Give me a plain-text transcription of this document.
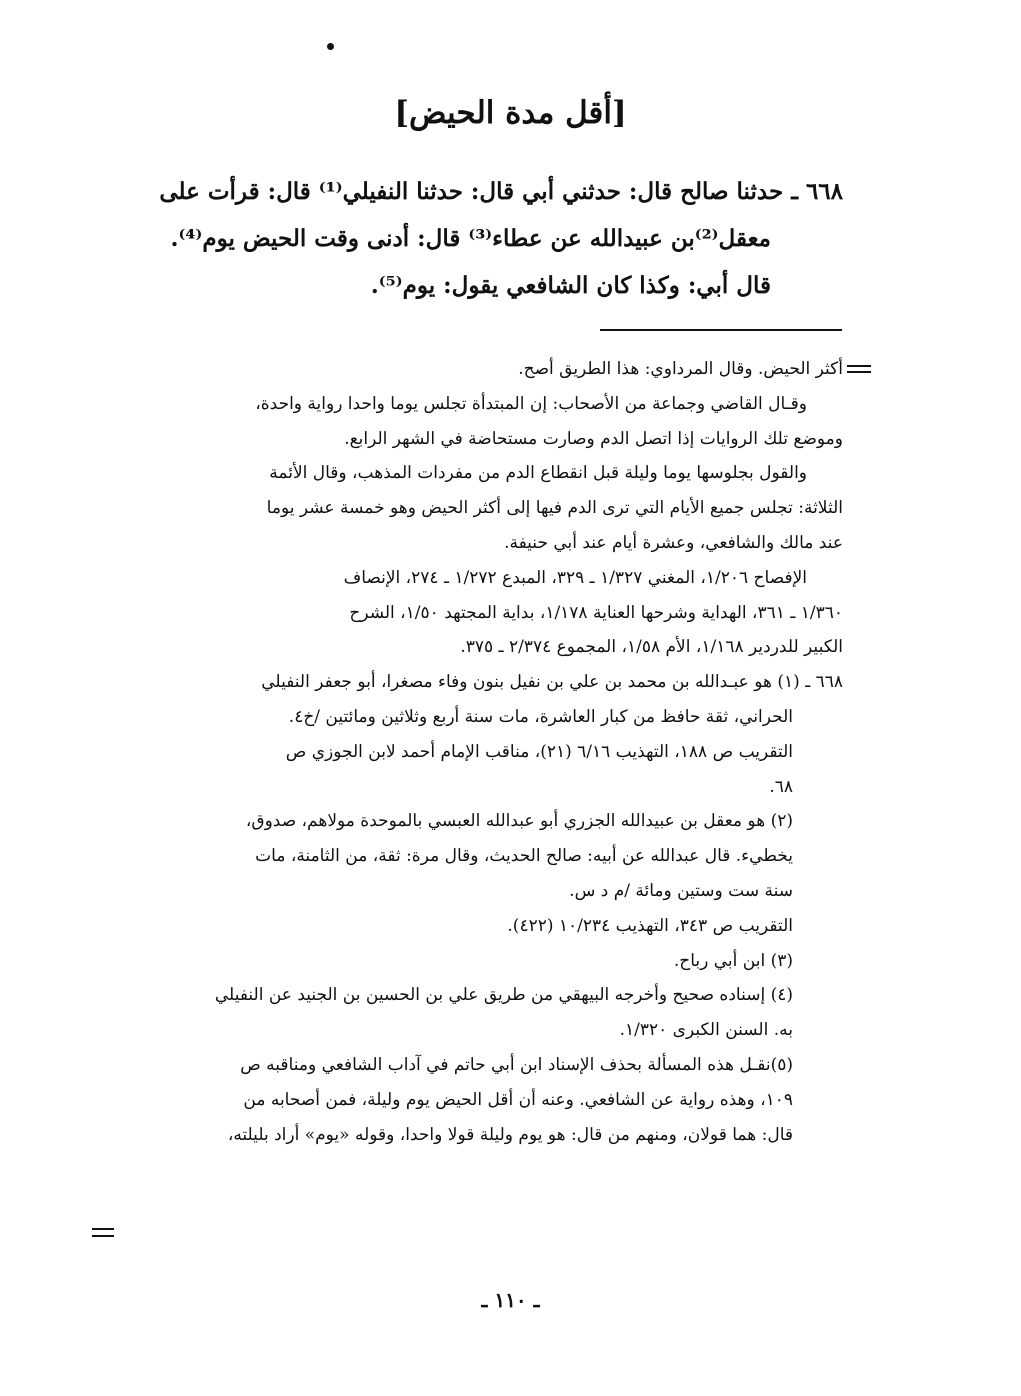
[أقل مدة الحيض]
٦٦٨ ـ حدثنا صالح قال: حدثني أبي قال: حدثنا النفيلي⁽¹⁾ قال: قرأت على
معقل⁽²⁾بن عبيدالله عن عطاء⁽³⁾ قال: أدنى وقت الحيض يوم⁽⁴⁾.
قال أبي: وكذا كان الشافعي يقول: يوم⁽⁵⁾.
أكثر الحيض. وقال المرداوي: هذا الطريق أصح.
وقـال القاضي وجماعة من الأصحاب: إن المبتدأة تجلس يوما واحدا رواية واحدة،
وموضع تلك الروايات إذا اتصل الدم وصارت مستحاضة في الشهر الرابع.
والقول بجلوسها يوما وليلة قبل انقطاع الدم من مفردات المذهب، وقال الأئمة
الثلاثة: تجلس جميع الأيام التي ترى الدم فيها إلى أكثر الحيض وهو خمسة عشر يوما
عند مالك والشافعي، وعشرة أيام عند أبي حنيفة.
الإفصاح ١/٢٠٦، المغني ١/٣٢٧ ـ ٣٢٩، المبدع ١/٢٧٢ ـ ٢٧٤، الإنصاف
١/٣٦٠ ـ ٣٦١، الهداية وشرحها العناية ١/١٧٨، بداية المجتهد ١/٥٠، الشرح
الكبير للدردير ١/١٦٨، الأم ١/٥٨، المجموع ٢/٣٧٤ ـ ٣٧٥.
٦٦٨ ـ (١) هو عبـدالله بن محمد بن علي بن نفيل بنون وفاء مصغرا، أبو جعفر النفيلي
الحراني، ثقة حافظ من كبار العاشرة، مات سنة أربع وثلاثين ومائتين /خ٤.
التقريب ص ١٨٨، التهذيب ٦/١٦ (٢١)، مناقب الإمام أحمد لابن الجوزي ص
٦٨.
(٢) هو معقل بن عبيدالله الجزري أبو عبدالله العبسي بالموحدة مولاهم، صدوق،
يخطيء. قال عبدالله عن أبيه: صالح الحديث، وقال مرة: ثقة، من الثامنة، مات
سنة ست وستين ومائة /م د س.
التقريب ص ٣٤٣، التهذيب ١٠/٢٣٤ (٤٢٢).
(٣) ابن أبي رباح.
(٤) إسناده صحيح وأخرجه البيهقي من طريق علي بن الحسين بن الجنيد عن النفيلي
به. السنن الكبرى ١/٣٢٠.
(٥)نقـل هذه المسألة بحذف الإسناد ابن أبي حاتم في آداب الشافعي ومناقبه ص
١٠٩، وهذه رواية عن الشافعي. وعنه أن أقل الحيض يوم وليلة، فمن أصحابه من
قال: هما قولان، ومنهم من قال: هو يوم وليلة قولا واحدا، وقوله «يوم» أراد بليلته،
ـ ١١٠ ـ
